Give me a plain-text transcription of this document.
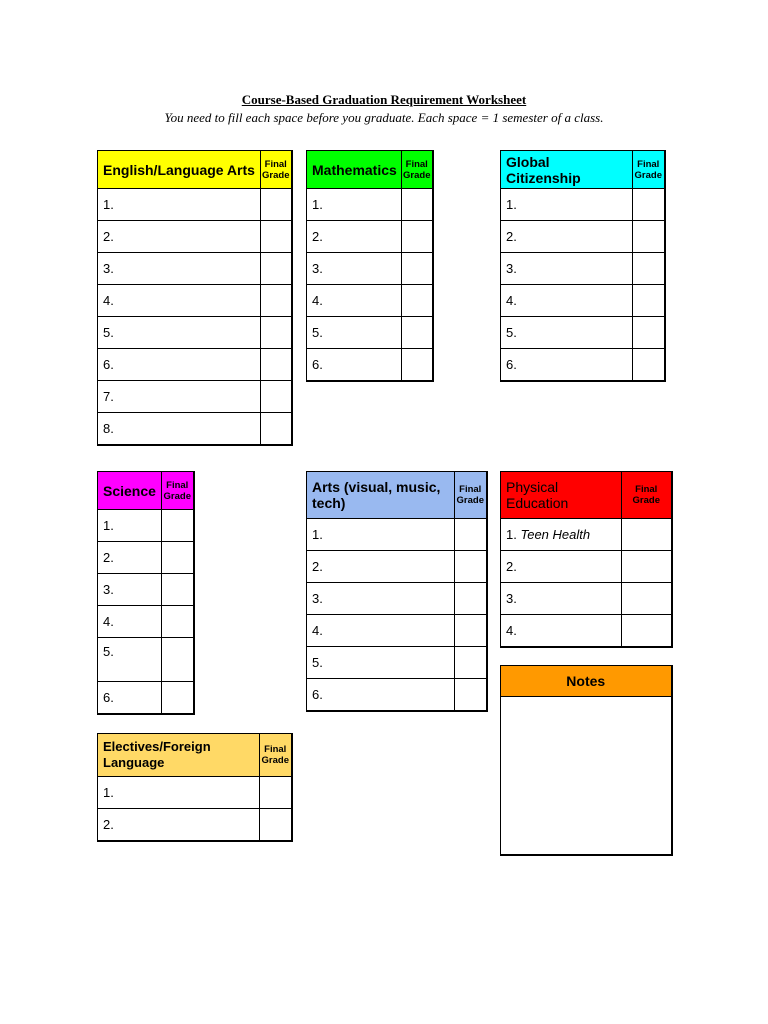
Course-Based Graduation Requirement Worksheet
You need to fill each space before you graduate. Each space = 1 semester of a class.
English/Language Arts	Final
Grade
1.	
2.	
3.	
4.	
5.	
6.	
7.	
8.	
Mathematics	Final
Grade
1.	
2.	
3.	
4.	
5.	
6.	
Global Citizenship	Final
Grade
1.	
2.	
3.	
4.	
5.	
6.	
Science	Final
Grade
1.	
2.	
3.	
4.	
5.	
6.	
Arts (visual, music, tech)	Final
Grade
1.	
2.	
3.	
4.	
5.	
6.	
Physical Education	Final
Grade
1. Teen Health	
2.	
3.	
4.	
Notes

Electives/Foreign Language	Final
Grade
1.	
2.	
